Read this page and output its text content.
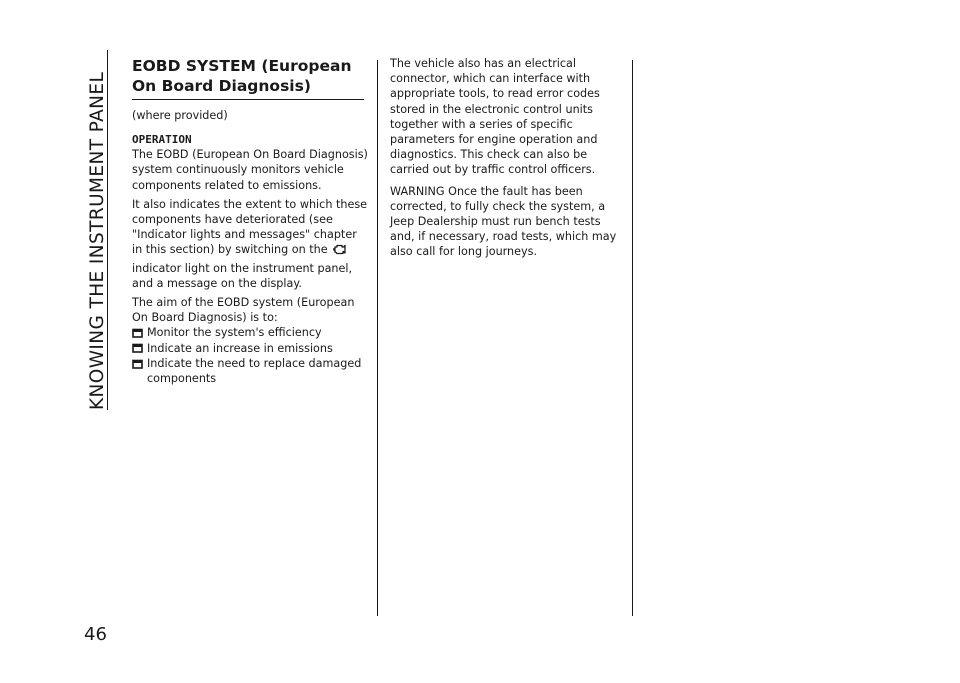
KNOWING THE INSTRUMENT PANEL
46
EOBD SYSTEM (European
On Board Diagnosis)

(where provided)

OPERATION

The EOBD (European On Board Diagnosis) system continuously monitors vehicle components related to emissions.

It also indicates the extent to which these components have deteriorated (see "Indicator lights and messages" chapter in this section) by switching on the  indicator light on the instrument panel, and a message on the display.

The aim of the EOBD system (European On Board Diagnosis) is to:

Monitor the system's efficiency
Indicate an increase in emissions
Indicate the need to replace damaged components

The vehicle also has an electrical connector, which can interface with appropriate tools, to read error codes stored in the electronic control units together with a series of specific parameters for engine operation and diagnostics. This check can also be carried out by traffic control officers.

WARNING Once the fault has been corrected, to fully check the system, a Jeep Dealership must run bench tests and, if necessary, road tests, which may also call for long journeys.
